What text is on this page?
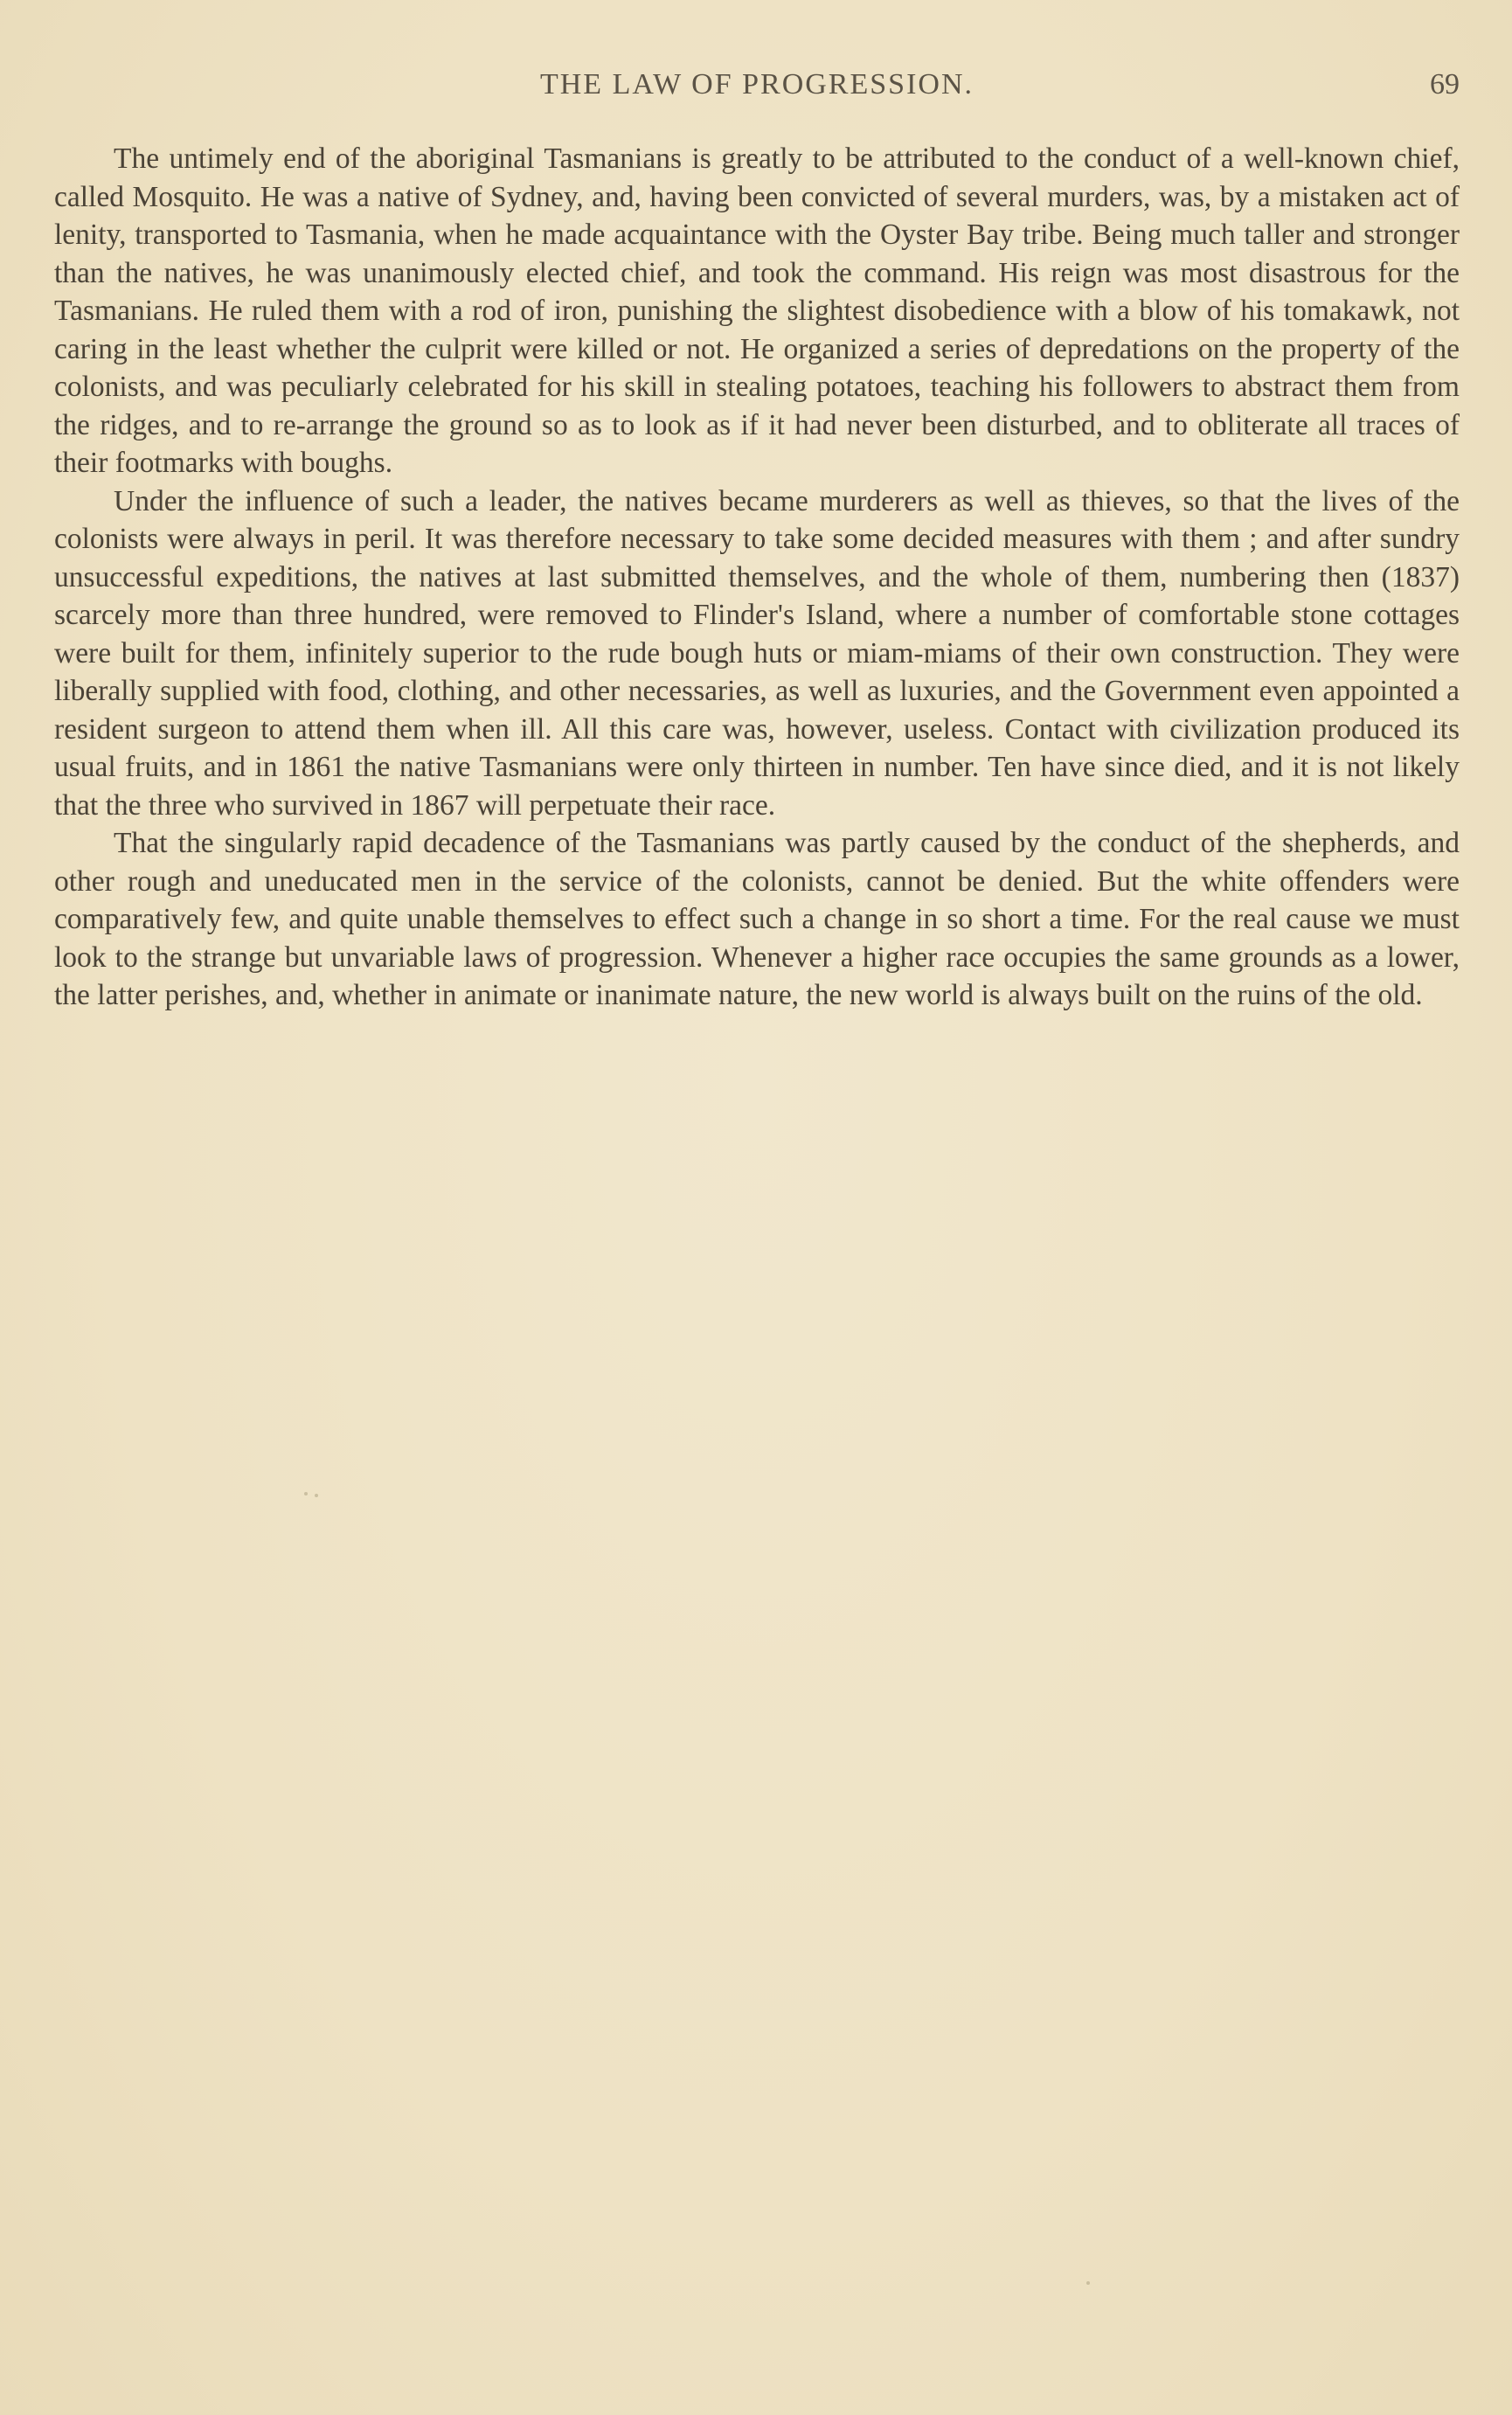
THE LAW OF PROGRESSION.	69

The untimely end of the aboriginal Tasmanians is greatly to be attributed to the conduct of a well-known chief, called Mosquito. He was a native of Sydney, and, having been convicted of several murders, was, by a mistaken act of lenity, transported to Tasmania, when he made acquaintance with the Oyster Bay tribe. Being much taller and stronger than the natives, he was unanimously elected chief, and took the command. His reign was most disastrous for the Tasmanians. He ruled them with a rod of iron, punishing the slightest disobedience with a blow of his tomakawk, not caring in the least whether the culprit were killed or not. He organized a series of depredations on the property of the colonists, and was peculiarly celebrated for his skill in stealing potatoes, teaching his followers to abstract them from the ridges, and to re-arrange the ground so as to look as if it had never been disturbed, and to obliterate all traces of their footmarks with boughs.

Under the influence of such a leader, the natives became murderers as well as thieves, so that the lives of the colonists were always in peril. It was therefore necessary to take some decided measures with them ; and after sundry unsuccessful expeditions, the natives at last submitted themselves, and the whole of them, numbering then (1837) scarcely more than three hundred, were removed to Flinder's Island, where a number of comfortable stone cottages were built for them, infinitely superior to the rude bough huts or miam-miams of their own construction. They were liberally supplied with food, clothing, and other necessaries, as well as luxuries, and the Government even appointed a resident surgeon to attend them when ill. All this care was, however, useless. Contact with civilization produced its usual fruits, and in 1861 the native Tasmanians were only thirteen in number. Ten have since died, and it is not likely that the three who survived in 1867 will perpetuate their race.

That the singularly rapid decadence of the Tasmanians was partly caused by the conduct of the shepherds, and other rough and uneducated men in the service of the colonists, cannot be denied. But the white offenders were comparatively few, and quite unable themselves to effect such a change in so short a time. For the real cause we must look to the strange but unvariable laws of progression. Whenever a higher race occupies the same grounds as a lower, the latter perishes, and, whether in animate or inanimate nature, the new world is always built on the ruins of the old.
